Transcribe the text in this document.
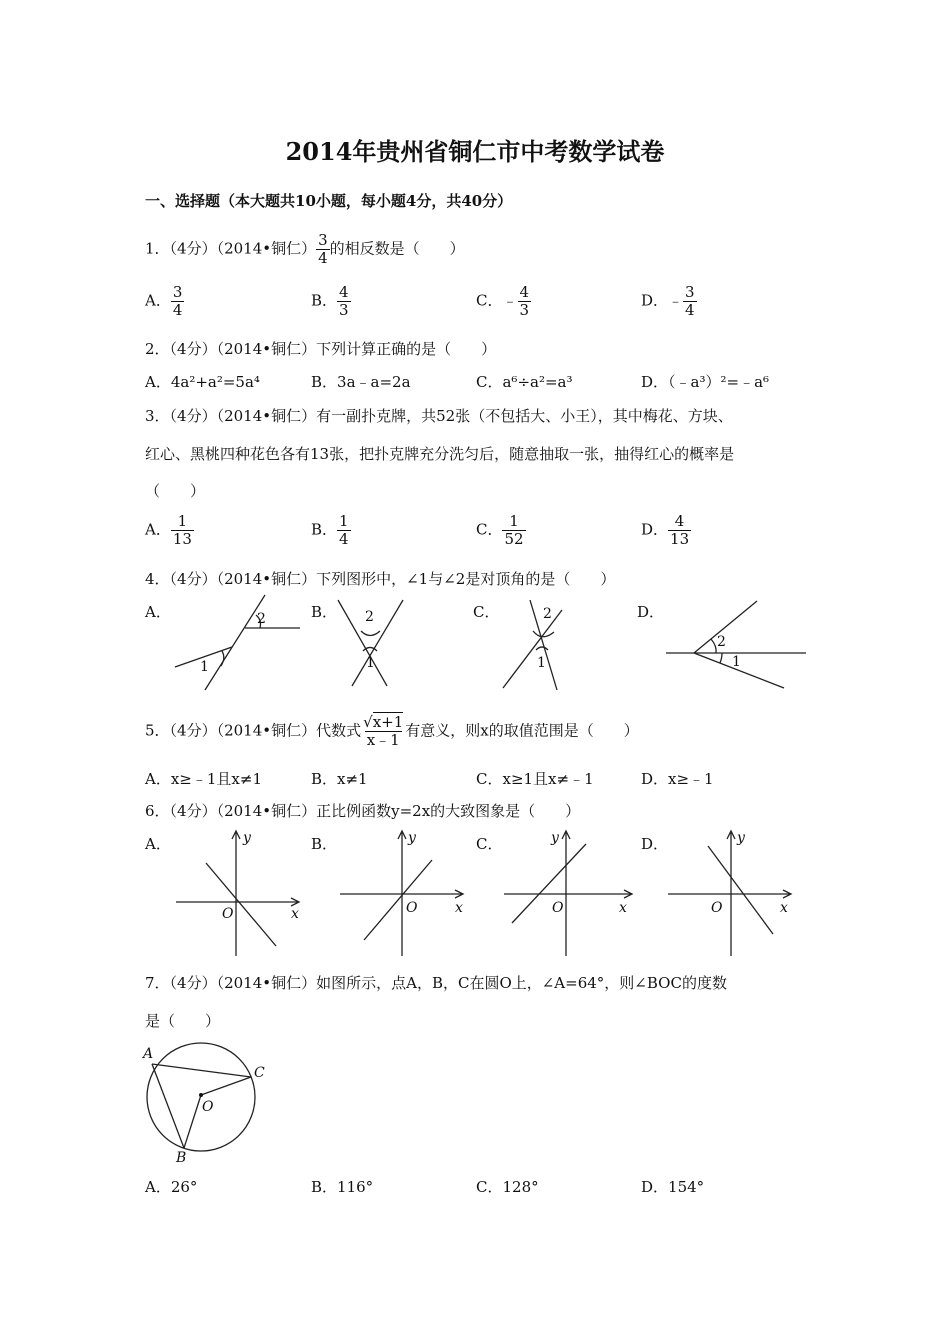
2014年贵州省铜仁市中考数学试卷
一、选择题（本大题共10小题，每小题4分，共40分）
1．（4分）（2014•铜仁） $\frac{3}{4}$ 的相反数是（　　）
A． $\frac{3}{4}$	B． $\frac{4}{3}$	C．﹣ $\frac{4}{3}$	D．﹣ $\frac{3}{4}$
2．（4分）（2014•铜仁）下列计算正确的是（　　）
A．4a²+a²=5a⁴	B．3a﹣a=2a	C．a⁶÷a²=a³	D．（﹣a³）²=﹣a⁶
3．（4分）（2014•铜仁）有一副扑克牌，共52张（不包括大、小王），其中梅花、方块、
红心、黑桃四种花色各有13张，把扑克牌充分洗匀后，随意抽取一张，抽得红心的概率是
（　　）
A． $\frac{1}{13}$	B． $\frac{1}{4}$	C． $\frac{1}{52}$	D． $\frac{4}{13}$
4．（4分）（2014•铜仁）下列图形中，∠1与∠2是对顶角的是（　　）
A．	B．	C．	D．
1
2	2
1
2
1
2
1
5．（4分）（2014•铜仁）代数式 $\frac{√x+1}{x﹣1}$ 有意义，则x的取值范围是（　　）
A．x≥﹣1且x≠1	B．x≠1	C．x≥1且x≠﹣1	D．x≥﹣1
6．（4分）（2014•铜仁）正比例函数y=2x的大致图象是（　　）
A．	B．	C．	D．
x
y
O	x
y
O	x
y
O	x
y
O
7．（4分）（2014•铜仁）如图所示，点A，B，C在圆O上，∠A=64°，则∠BOC的度数
是（　　）
A
C
O
B
A．26°	B．116°	C．128°	D．154°
